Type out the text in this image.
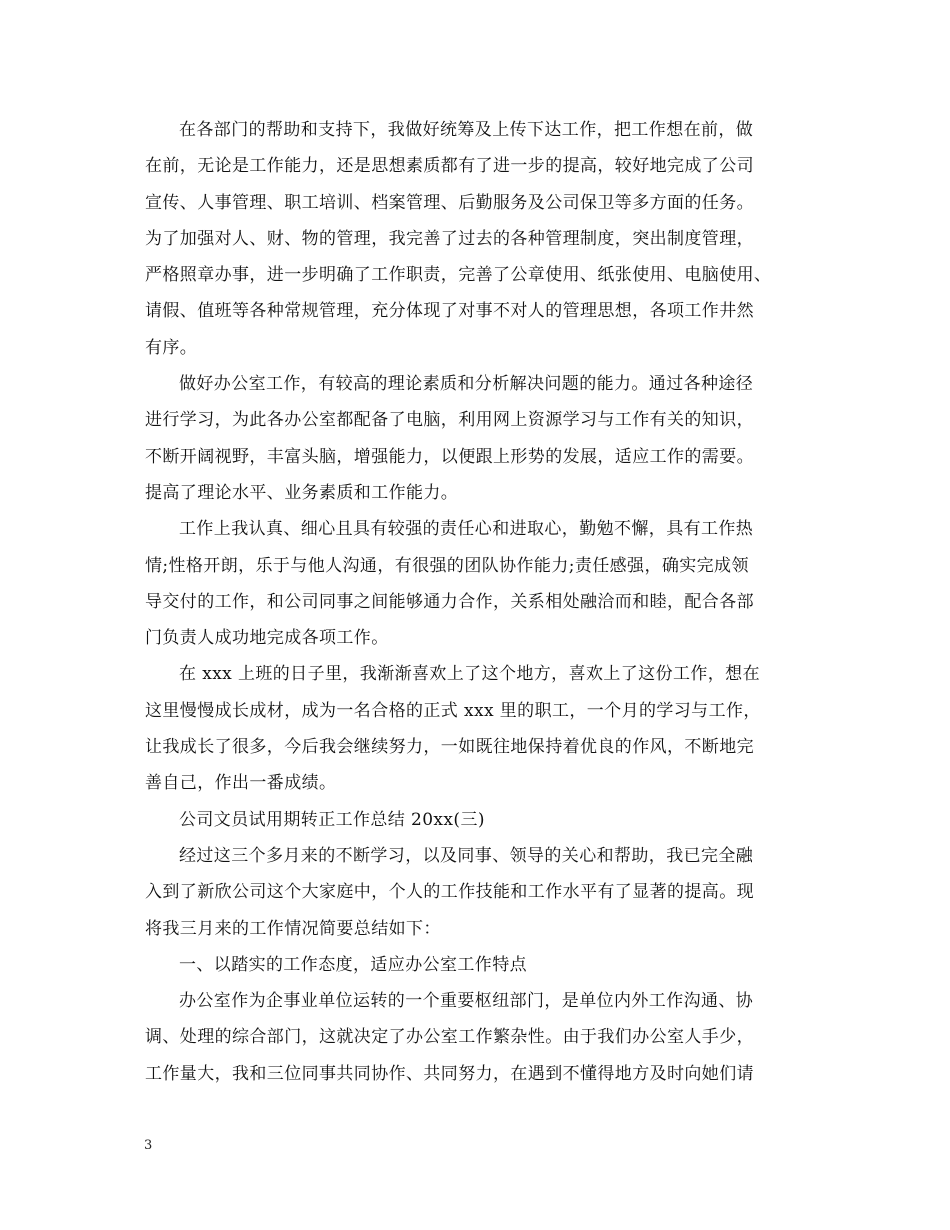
在各部门的帮助和支持下，我做好统筹及上传下达工作，把工作想在前，做
在前，无论是工作能力，还是思想素质都有了进一步的提高，较好地完成了公司
宣传、人事管理、职工培训、档案管理、后勤服务及公司保卫等多方面的任务。
为了加强对人、财、物的管理，我完善了过去的各种管理制度，突出制度管理，
严格照章办事，进一步明确了工作职责，完善了公章使用、纸张使用、电脑使用、
请假、值班等各种常规管理，充分体现了对事不对人的管理思想，各项工作井然
有序。

做好办公室工作，有较高的理论素质和分析解决问题的能力。通过各种途径
进行学习，为此各办公室都配备了电脑，利用网上资源学习与工作有关的知识，
不断开阔视野，丰富头脑，增强能力，以便跟上形势的发展，适应工作的需要。
提高了理论水平、业务素质和工作能力。

工作上我认真、细心且具有较强的责任心和进取心，勤勉不懈，具有工作热
情;性格开朗，乐于与他人沟通，有很强的团队协作能力;责任感强，确实完成领
导交付的工作，和公司同事之间能够通力合作，关系相处融洽而和睦，配合各部
门负责人成功地完成各项工作。

在 xxx 上班的日子里，我渐渐喜欢上了这个地方，喜欢上了这份工作，想在
这里慢慢成长成材，成为一名合格的正式 xxx 里的职工，一个月的学习与工作，
让我成长了很多，今后我会继续努力，一如既往地保持着优良的作风，不断地完
善自己，作出一番成绩。

公司文员试用期转正工作总结 20xx(三)

经过这三个多月来的不断学习，以及同事、领导的关心和帮助，我已完全融
入到了新欣公司这个大家庭中，个人的工作技能和工作水平有了显著的提高。现
将我三月来的工作情况简要总结如下：

一、以踏实的工作态度，适应办公室工作特点

办公室作为企事业单位运转的一个重要枢纽部门，是单位内外工作沟通、协
调、处理的综合部门，这就决定了办公室工作繁杂性。由于我们办公室人手少，
工作量大，我和三位同事共同协作、共同努力，在遇到不懂得地方及时向她们请

3
